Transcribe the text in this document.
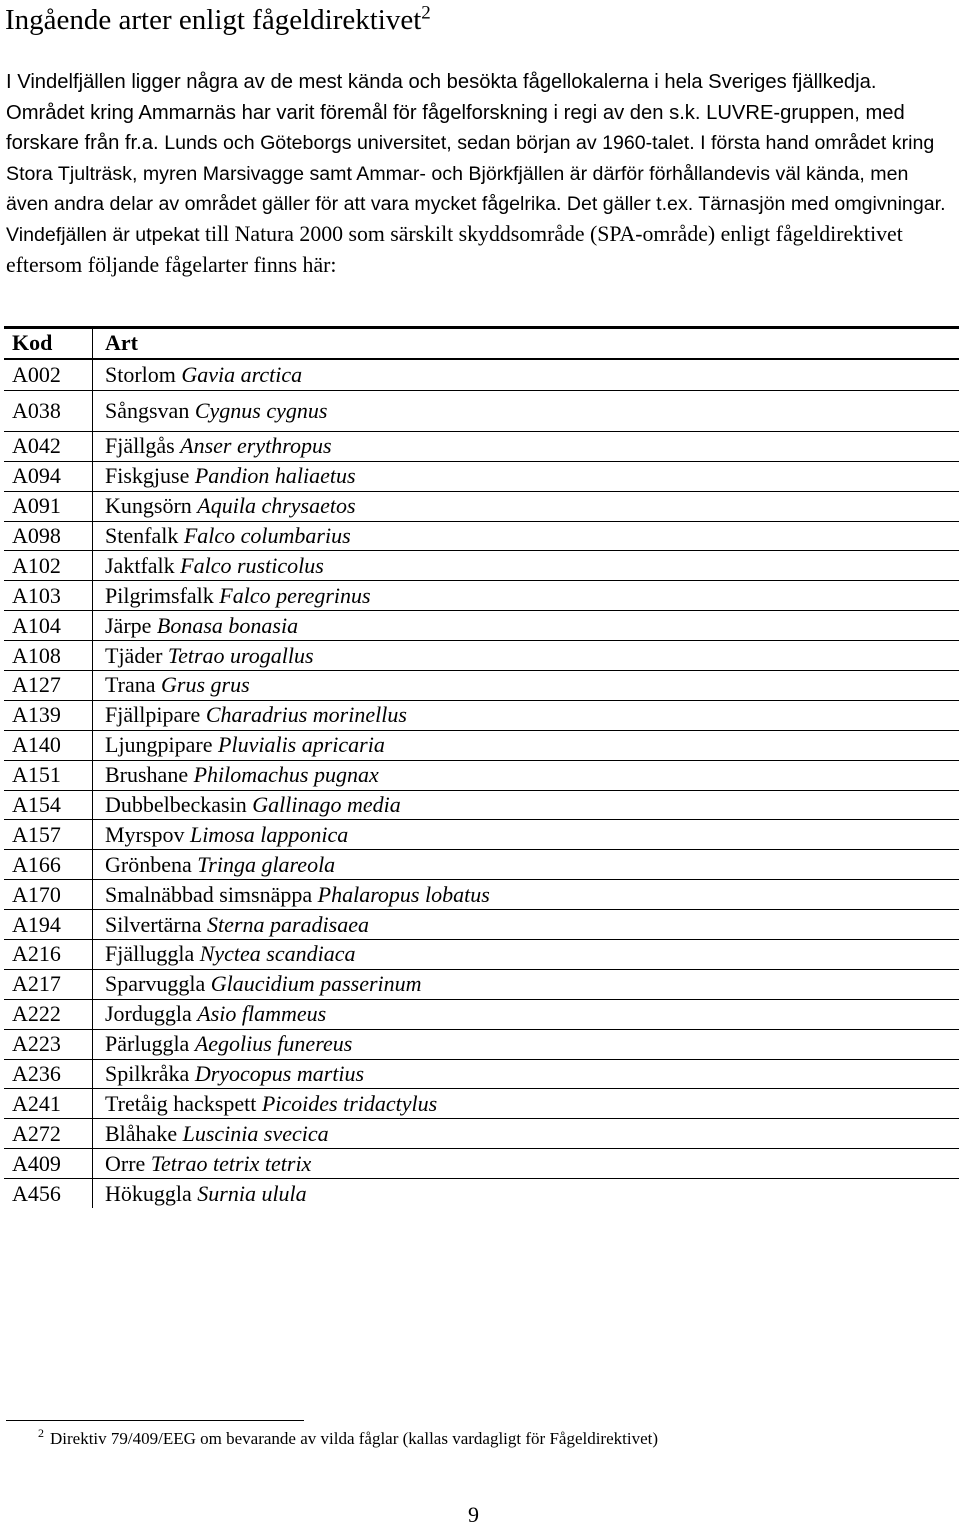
Ingående arter enligt fågeldirektivet$^2$

I Vindelfjällen ligger några av de mest kända och besökta fågellokalerna i hela Sveriges fjällkedja. Området kring Ammarnäs har varit föremål för fågelforskning i regi av den s.k. LUVRE-gruppen, med forskare från fr.a. Lunds och Göteborgs universitet, sedan början av 1960-talet. I första hand området kring Stora Tjulträsk, myren Marsivagge samt Ammar- och Björkfjällen är därför förhållandevis väl kända, men även andra delar av området gäller för att vara mycket fågelrika. Det gäller t.ex. Tärnasjön med omgivningar. Vindefjällen är utpekat till Natura 2000 som särskilt skyddsområde (SPA-område) enligt fågeldirektivet eftersom följande fågelarter finns här:

Kod	Art
A002	Storlom Gavia arctica
A038	Sångsvan Cygnus cygnus
A042	Fjällgås Anser erythropus
A094	Fiskgjuse Pandion haliaetus
A091	Kungsörn Aquila chrysaetos
A098	Stenfalk Falco columbarius
A102	Jaktfalk Falco rusticolus
A103	Pilgrimsfalk Falco peregrinus
A104	Järpe Bonasa bonasia
A108	Tjäder Tetrao urogallus
A127	Trana Grus grus
A139	Fjällpipare Charadrius morinellus
A140	Ljungpipare Pluvialis apricaria
A151	Brushane Philomachus pugnax
A154	Dubbelbeckasin Gallinago media
A157	Myrspov Limosa lapponica
A166	Grönbena Tringa glareola
A170	Smalnäbbad simsnäppa Phalaropus lobatus
A194	Silvertärna Sterna paradisaea
A216	Fjälluggla Nyctea scandiaca
A217	Sparvuggla Glaucidium passerinum
A222	Jorduggla Asio flammeus
A223	Pärluggla Aegolius funereus
A236	Spilkråka Dryocopus martius
A241	Tretåig hackspett Picoides tridactylus
A272	Blåhake Luscinia svecica
A409	Orre Tetrao tetrix tetrix
A456	Hökuggla Surnia ulula

$^2$ Direktiv 79/409/EEG om bevarande av vilda fåglar (kallas vardagligt för Fågeldirektivet)

9
